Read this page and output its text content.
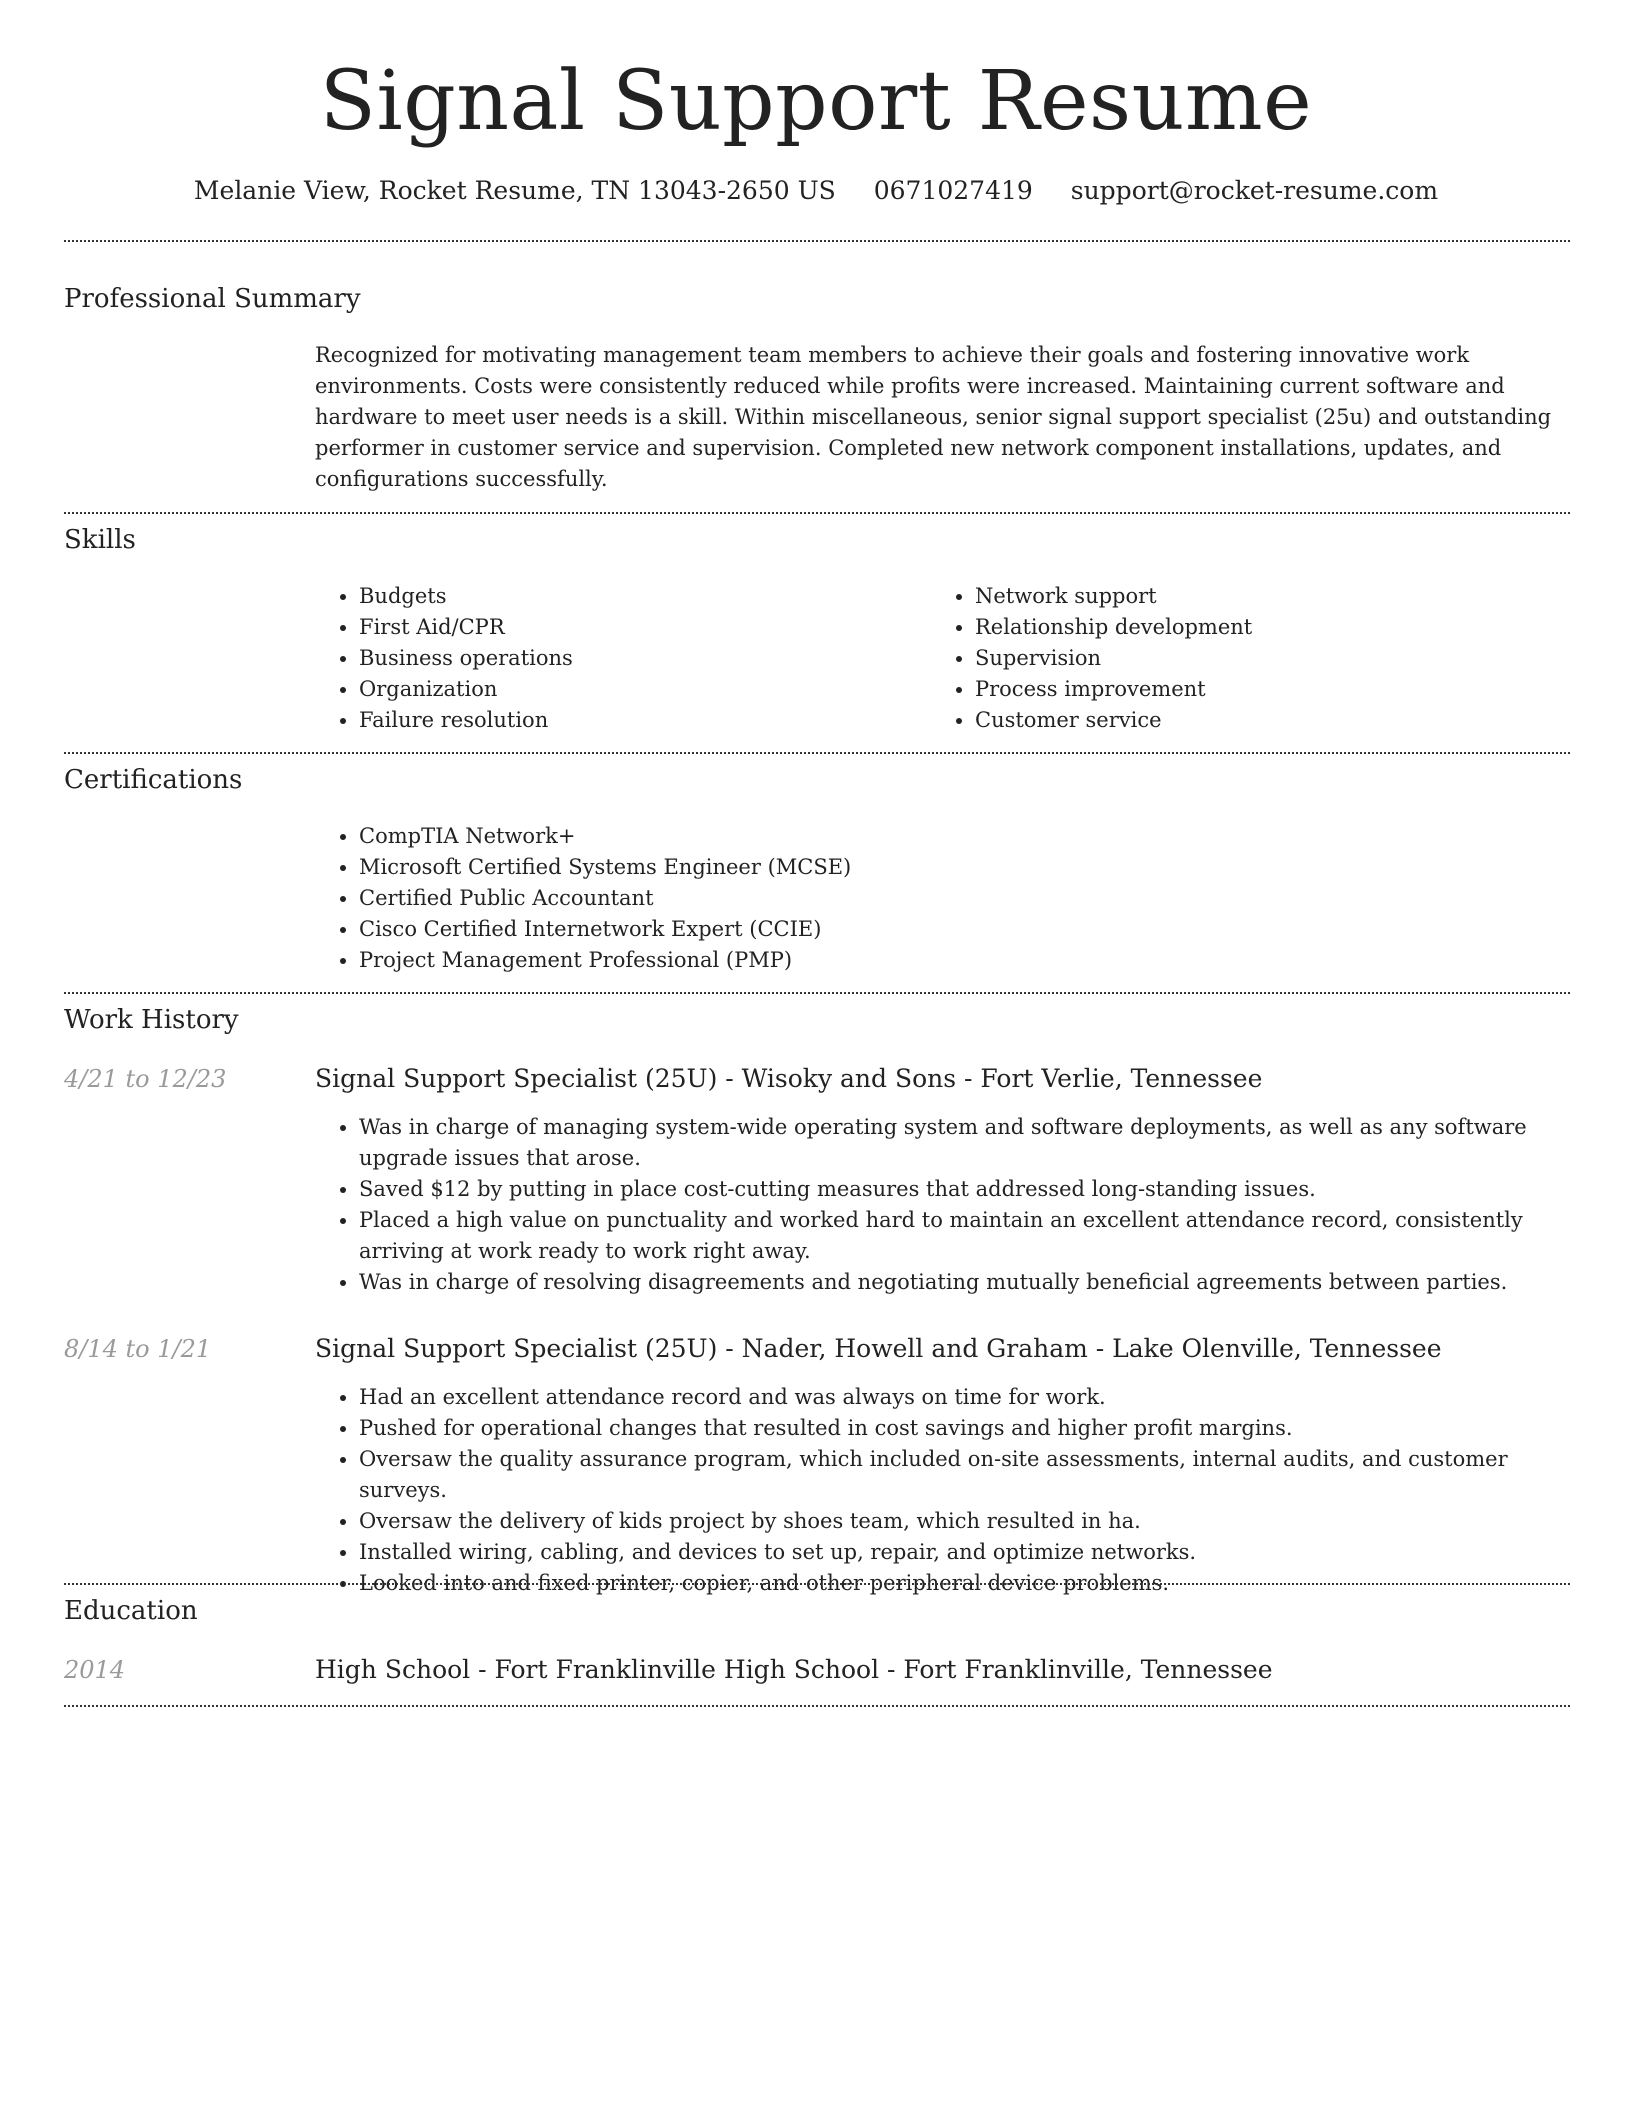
Signal Support Resume
Melanie View, Rocket Resume, TN 13043-2650 US 0671027419 support@rocket-resume.com
Professional Summary

Recognized for motivating management team members to achieve their goals and fostering innovative work environments. Costs were consistently reduced while profits were increased. Maintaining current software and hardware to meet user needs is a skill. Within miscellaneous, senior signal support specialist (25u) and outstanding performer in customer service and supervision. Completed new network component installations, updates, and configurations successfully.

Skills
• Budgets
• First Aid/CPR
• Business operations
• Organization
• Failure resolution
• Network support
• Relationship development
• Supervision
• Process improvement
• Customer service
Certifications
• CompTIA Network+
• Microsoft Certified Systems Engineer (MCSE)
• Certified Public Accountant
• Cisco Certified Internetwork Expert (CCIE)
• Project Management Professional (PMP)
Work History
4/21 to 12/23	Signal Support Specialist (25U) - Wisoky and Sons - Fort Verlie, Tennessee
• Was in charge of managing system-wide operating system and software deployments, as well as any software upgrade issues that arose.
• Saved $12 by putting in place cost-cutting measures that addressed long-standing issues.
• Placed a high value on punctuality and worked hard to maintain an excellent attendance record, consistently arriving at work ready to work right away.
• Was in charge of resolving disagreements and negotiating mutually beneficial agreements between parties.
8/14 to 1/21	Signal Support Specialist (25U) - Nader, Howell and Graham - Lake Olenville, Tennessee
• Had an excellent attendance record and was always on time for work.
• Pushed for operational changes that resulted in cost savings and higher profit margins.
• Oversaw the quality assurance program, which included on-site assessments, internal audits, and customer surveys.
• Oversaw the delivery of kids project by shoes team, which resulted in ha.
• Installed wiring, cabling, and devices to set up, repair, and optimize networks.
• Looked into and fixed printer, copier, and other peripheral device problems.
Education
2014	High School - Fort Franklinville High School - Fort Franklinville, Tennessee
